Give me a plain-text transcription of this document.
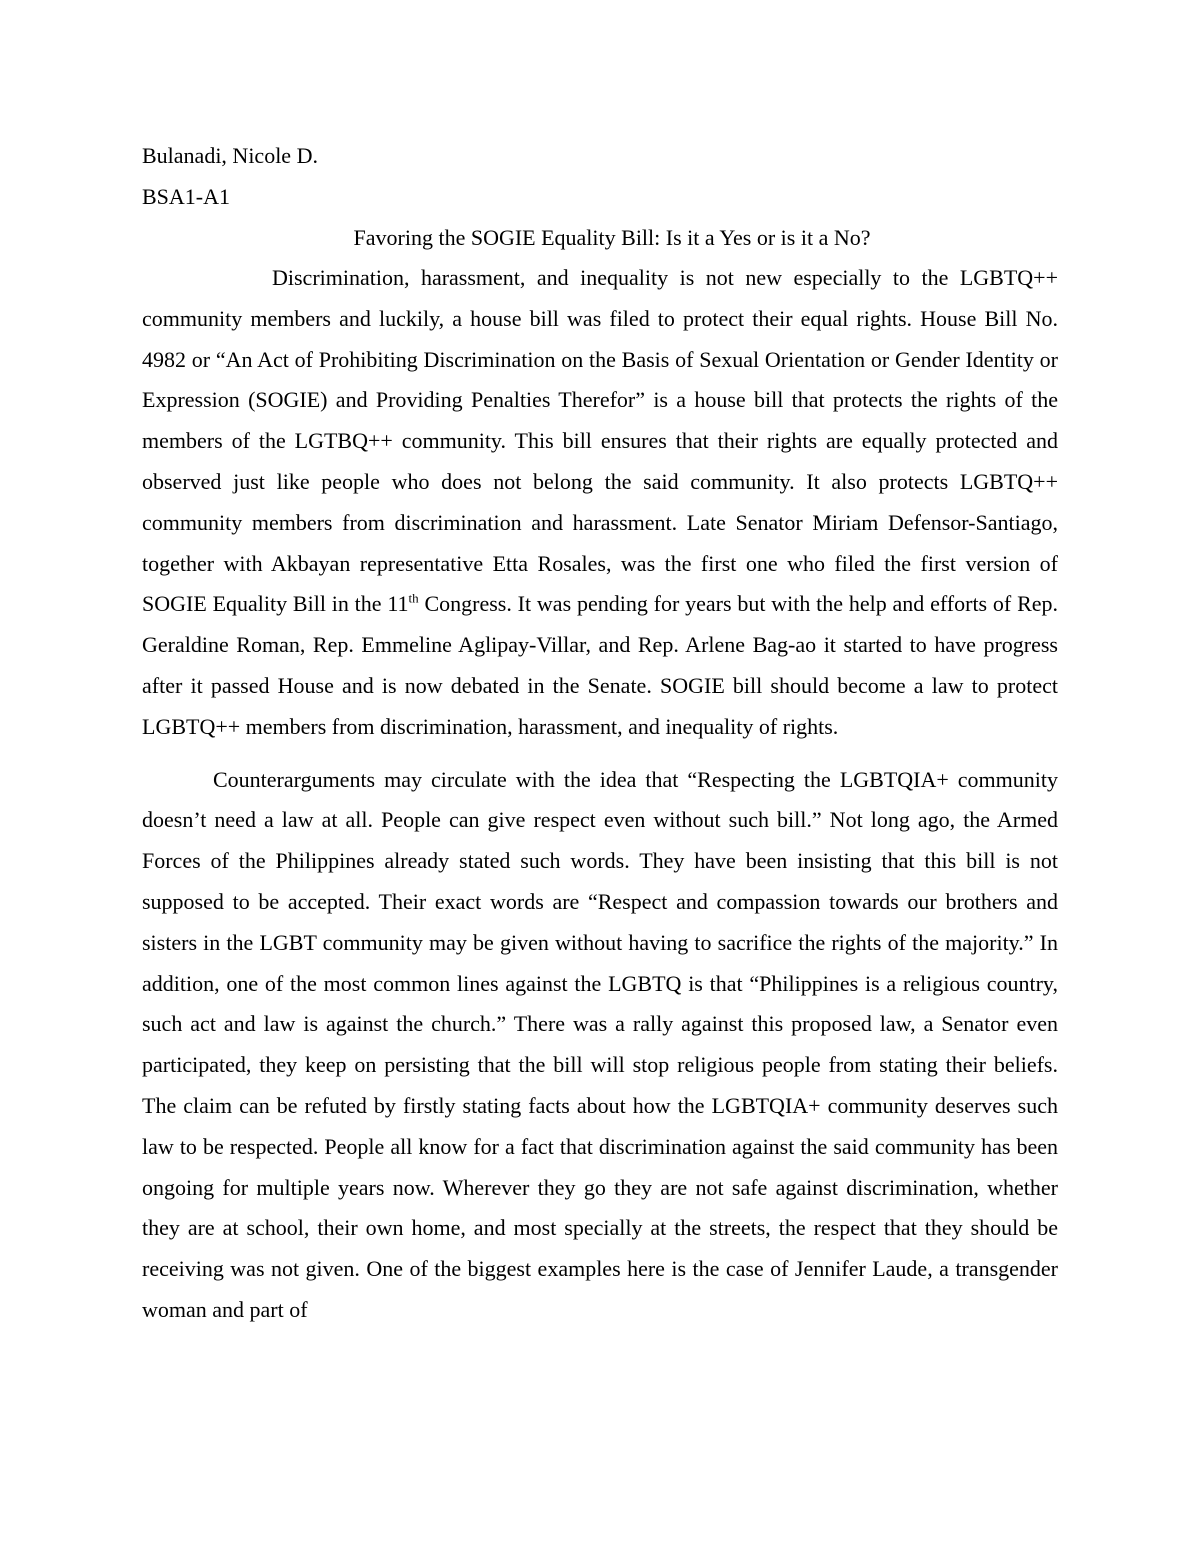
Bulanadi, Nicole D.

BSA1-A1

Favoring the SOGIE Equality Bill: Is it a Yes or is it a No?

Discrimination, harassment, and inequality is not new especially to the LGBTQ++ community members and luckily, a house bill was filed to protect their equal rights. House Bill No. 4982 or “An Act of Prohibiting Discrimination on the Basis of Sexual Orientation or Gender Identity or Expression (SOGIE) and Providing Penalties Therefor” is a house bill that protects the rights of the members of the LGTBQ++ community. This bill ensures that their rights are equally protected and observed just like people who does not belong the said community. It also protects LGBTQ++ community members from discrimination and harassment. Late Senator Miriam Defensor-Santiago, together with Akbayan representative Etta Rosales, was the first one who filed the first version of SOGIE Equality Bill in the 11th Congress. It was pending for years but with the help and efforts of Rep. Geraldine Roman, Rep. Emmeline Aglipay-Villar, and Rep. Arlene Bag-ao it started to have progress after it passed House and is now debated in the Senate. SOGIE bill should become a law to protect LGBTQ++ members from discrimination, harassment, and inequality of rights.

Counterarguments may circulate with the idea that “Respecting the LGBTQIA+ community doesn’t need a law at all. People can give respect even without such bill.” Not long ago, the Armed Forces of the Philippines already stated such words. They have been insisting that this bill is not supposed to be accepted. Their exact words are “Respect and compassion towards our brothers and sisters in the LGBT community may be given without having to sacrifice the rights of the majority.” In addition, one of the most common lines against the LGBTQ is that “Philippines is a religious country, such act and law is against the church.” There was a rally against this proposed law, a Senator even participated, they keep on persisting that the bill will stop religious people from stating their beliefs. The claim can be refuted by firstly stating facts about how the LGBTQIA+ community deserves such law to be respected. People all know for a fact that discrimination against the said community has been ongoing for multiple years now. Wherever they go they are not safe against discrimination, whether they are at school, their own home, and most specially at the streets, the respect that they should be receiving was not given. One of the biggest examples here is the case of Jennifer Laude, a transgender woman and part of
